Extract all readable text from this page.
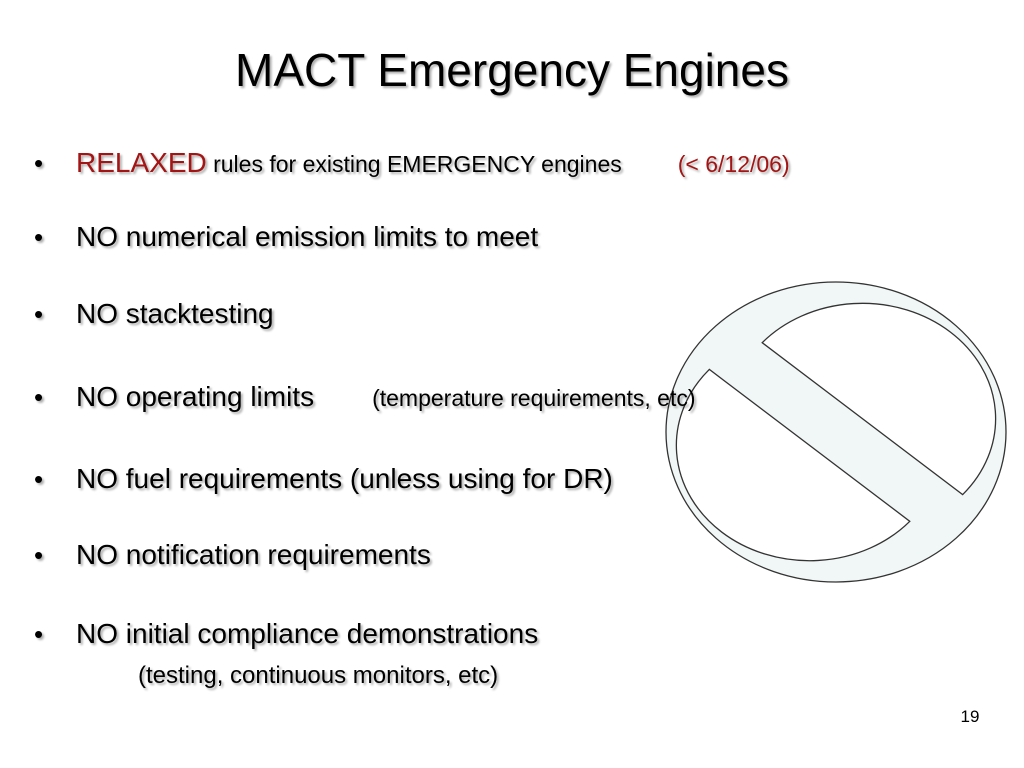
MACT Emergency Engines
• RELAXED rules for existing EMERGENCY engines (< 6/12/06)
• NO numerical emission limits to meet
• NO stacktesting
• NO operating limits	(temperature requirements, etc)
• NO fuel requirements (unless using for DR)
• NO notification requirements
• NO initial compliance demonstrations
(testing, continuous monitors, etc)
19
